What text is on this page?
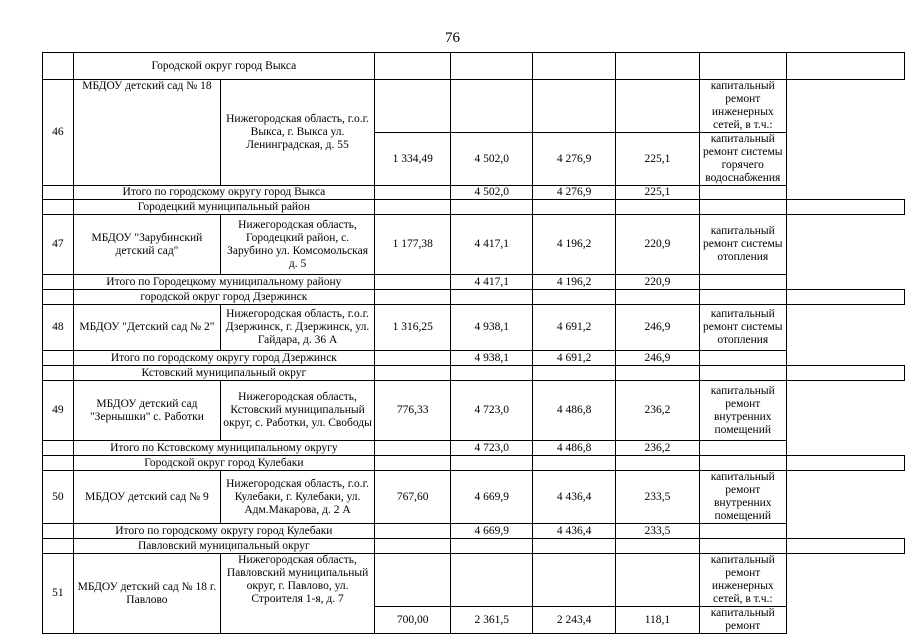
76
	Городской округ город Выкса							
46	МБДОУ детский сад № 18	Нижегородская область, г.о.г. Выкса, г. Выкса ул. Ленинградская, д. 55					капитальный ремонт инженерных сетей, в т.ч.:	
			1 334,49	4 502,0	4 276,9	225,1	капитальный ремонт системы горячего водоснабжения	
	Итого по городскому округу город Выкса			4 502,0	4 276,9	225,1		
	Городецкий муниципальный район							
47	МБДОУ "Зарубинский детский сад"	Нижегородская область, Городецкий район, с. Зарубино ул. Комсомольская д. 5	1 177,38	4 417,1	4 196,2	220,9	капитальный ремонт системы отопления	
	Итого по Городецкому муниципальному району			4 417,1	4 196,2	220,9		
	городской округ город Дзержинск							
48	МБДОУ "Детский сад № 2"	Нижегородская область, г.о.г. Дзержинск, г. Дзержинск, ул. Гайдара, д. 36 А	1 316,25	4 938,1	4 691,2	246,9	капитальный ремонт системы отопления	
	Итого по городскому округу город Дзержинск			4 938,1	4 691,2	246,9		
	Кстовский муниципальный округ							
49	МБДОУ детский сад "Зернышки" с. Работки	Нижегородская область, Кстовский муниципальный округ, с. Работки, ул. Свободы	776,33	4 723,0	4 486,8	236,2	капитальный ремонт внутренних помещений	
	Итого по Кстовскому муниципальному округу			4 723,0	4 486,8	236,2		
	Городской округ город Кулебаки							
50	МБДОУ детский сад № 9	Нижегородская область, г.о.г. Кулебаки, г. Кулебаки, ул. Адм.Макарова, д. 2 А	767,60	4 669,9	4 436,4	233,5	капитальный ремонт внутренних помещений	
	Итого по городскому округу город Кулебаки			4 669,9	4 436,4	233,5		
	Павловский муниципальный округ							
51	МБДОУ детский сад № 18 г. Павлово	Нижегородская область, Павловский муниципальный округ, г. Павлово, ул. Строителя 1-я, д. 7					капитальный ремонт инженерных сетей, в т.ч.:	
			700,00	2 361,5	2 243,4	118,1	капитальный ремонт	
